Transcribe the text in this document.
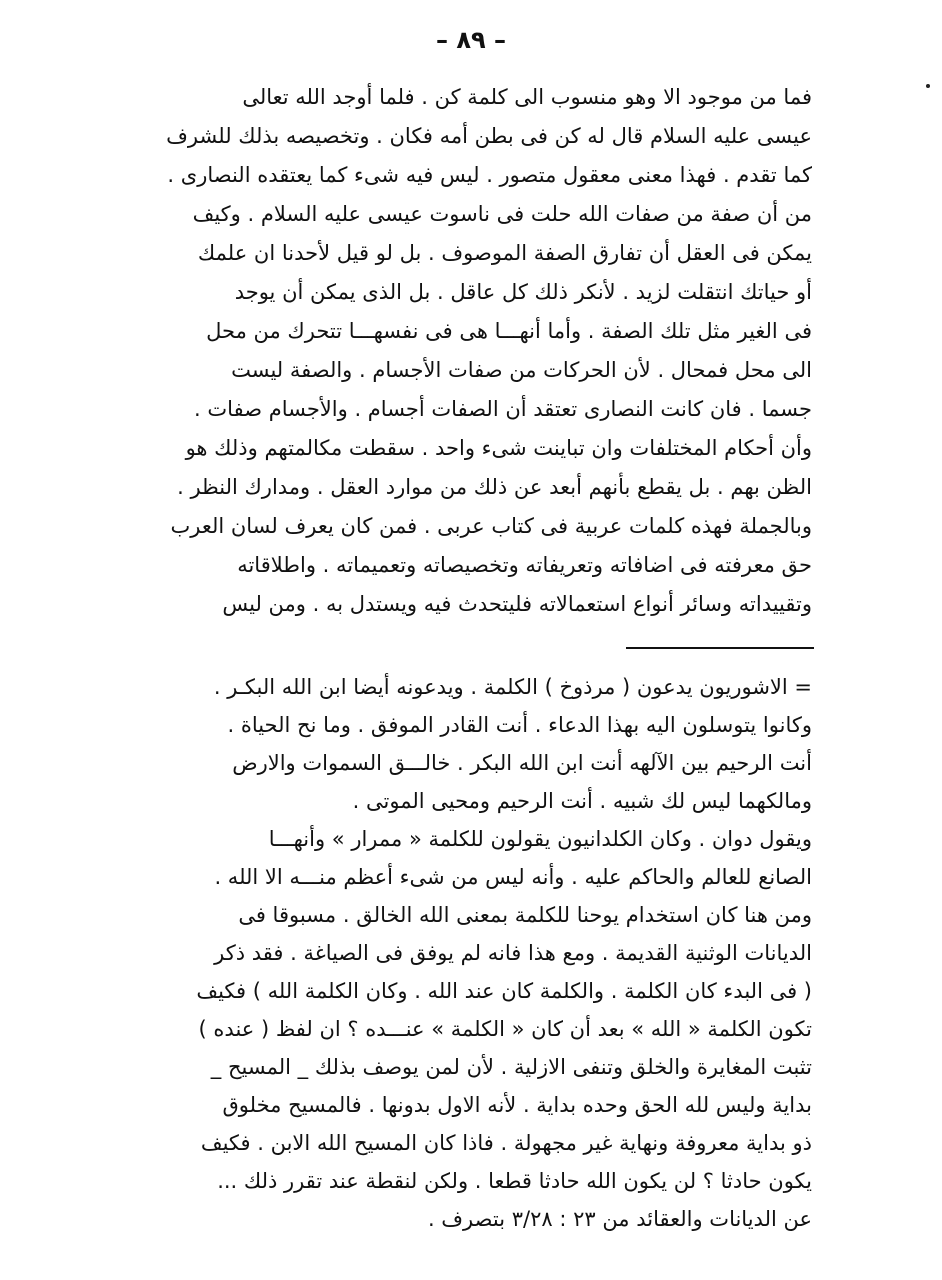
– ٨٩ –
فما من موجود الا وهو منسوب الى كلمة كن . فلما أوجد الله تعالى
عيسى عليه السلام قال له كن فى بطن أمه فكان . وتخصيصه بذلك للشرف
كما تقدم . فهذا معنى معقول متصور . ليس فيه شىء كما يعتقده النصارى .
من أن صفة من صفات الله حلت فى ناسوت عيسى عليه السلام . وكيف
يمكن فى العقل أن تفارق الصفة الموصوف . بل لو قيل لأحدنا ان علمك
أو حياتك انتقلت لزيد . لأنكر ذلك كل عاقل . بل الذى يمكن أن يوجد
فى الغير مثل تلك الصفة . وأما أنهـــا هى فى نفسهـــا تتحرك من محل
الى محل فمحال . لأن الحركات من صفات الأجسام . والصفة ليست
جسما . فان كانت النصارى تعتقد أن الصفات أجسام . والأجسام صفات .
وأن أحكام المختلفات وان تباينت شىء واحد . سقطت مكالمتهم وذلك هو
الظن بهم . بل يقطع بأنهم أبعد عن ذلك من موارد العقل . ومدارك النظر .
وبالجملة فهذه كلمات عربية فى كتاب عربى . فمن كان يعرف لسان العرب
حق معرفته فى اضافاته وتعريفاته وتخصيصاته وتعميماته . واطلاقاته
وتقييداته وسائر أنواع استعمالاته فليتحدث فيه ويستدل به . ومن ليس
= الاشوريون يدعون ( مرذوخ ) الكلمة . ويدعونه أيضا ابن الله البكـر .
وكانوا يتوسلون اليه بهذا الدعاء . أنت القادر الموفق . وما نح الحياة .
أنت الرحيم بين الآلهه أنت ابن الله البكر . خالـــق السموات والارض
ومالكهما ليس لك شبيه . أنت الرحيم ومحيى الموتى .
ويقول دوان . وكان الكلدانيون يقولون للكلمة « ممرار » وأنهـــا
الصانع للعالم والحاكم عليه . وأنه ليس من شىء أعظم منـــه الا الله .
ومن هنا كان استخدام يوحنا للكلمة بمعنى الله الخالق . مسبوقا فى
الديانات الوثنية القديمة . ومع هذا فانه لم يوفق فى الصياغة . فقد ذكر
( فى البدء كان الكلمة . والكلمة كان عند الله . وكان الكلمة الله ) فكيف
تكون الكلمة « الله » بعد أن كان « الكلمة » عنـــده ؟ ان لفظ ( عنده )
تثبت المغايرة والخلق وتنفى الازلية . لأن لمن يوصف بذلك _ المسيح _
بداية وليس لله الحق وحده بداية . لأنه الاول بدونها . فالمسيح مخلوق
ذو بداية معروفة ونهاية غير مجهولة . فاذا كان المسيح الله الابن . فكيف
يكون حادثا ؟ لن يكون الله حادثا قطعا . ولكن لنقطة عند تقرر ذلك ...
عن الديانات والعقائد من ٢٣ : ٣/٢٨ بتصرف .
